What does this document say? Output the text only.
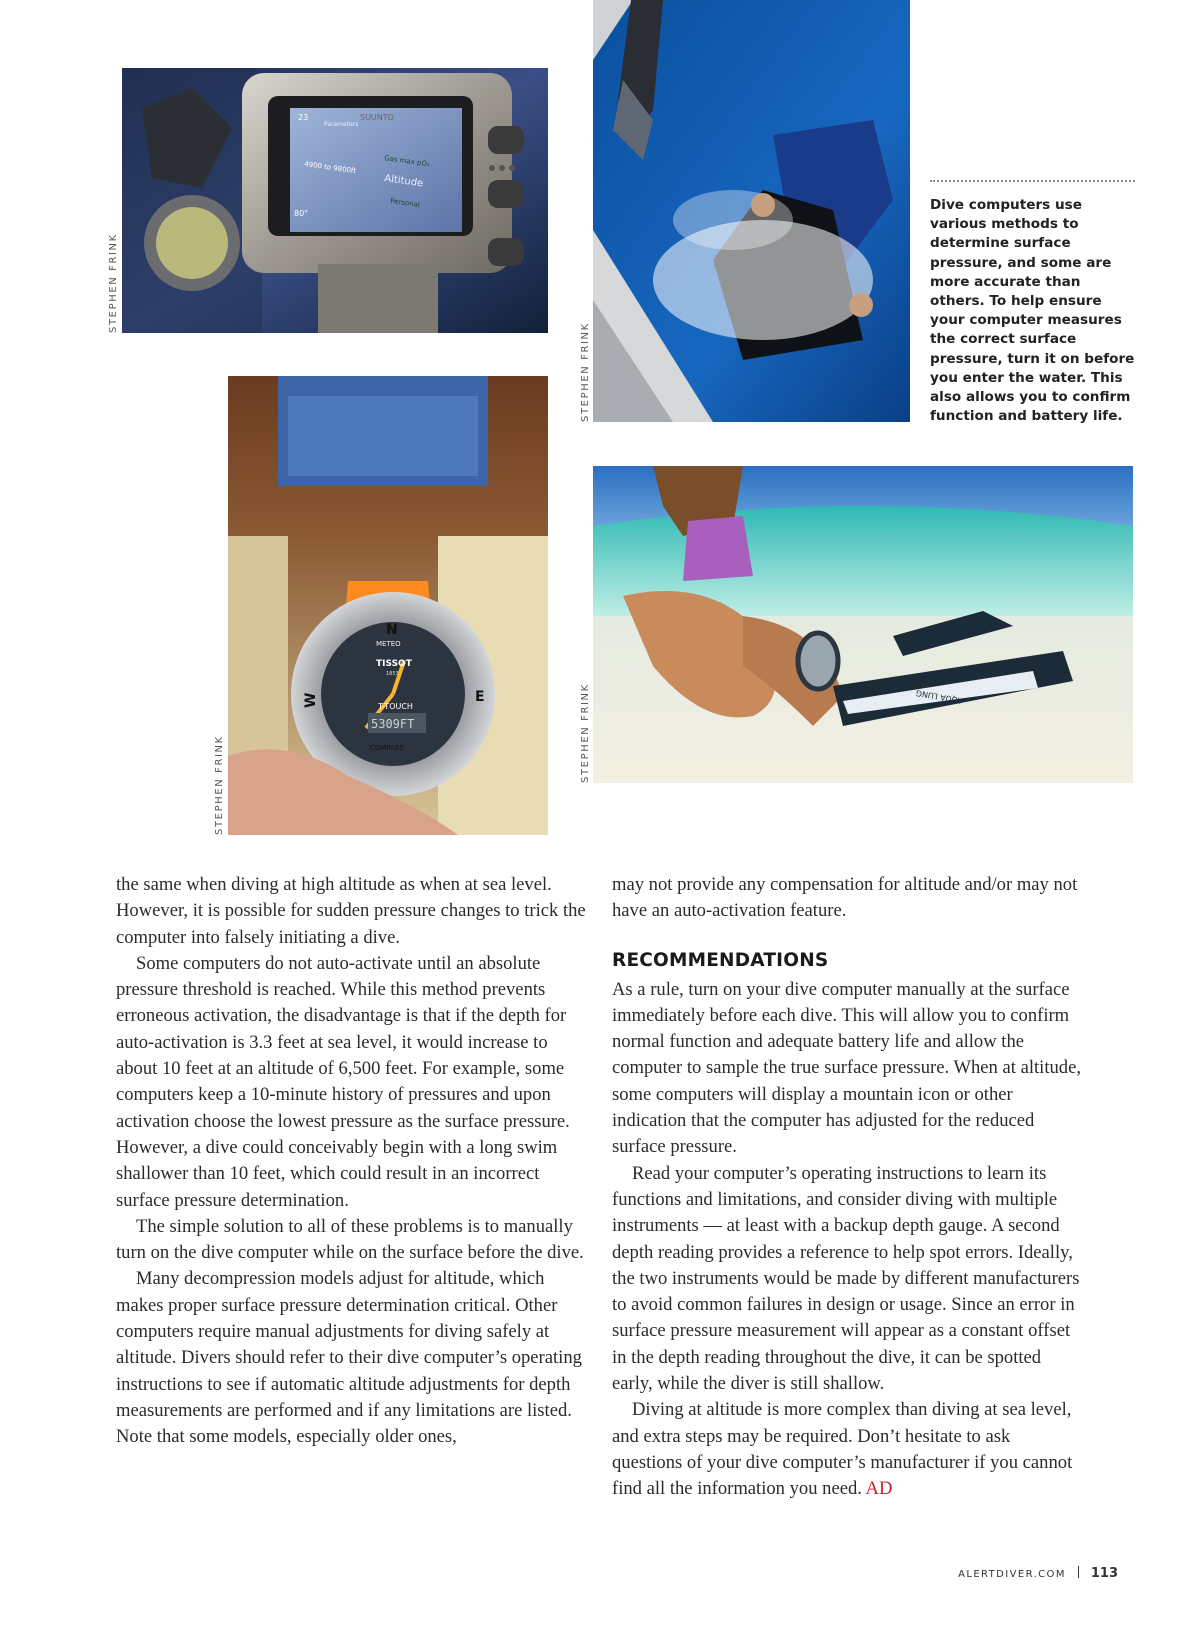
SUUNTO
23
Parameters
4900 to 9800ft	Gas max pO₂
Altitude
Personal
80°
STEPHEN FRINK
STEPHEN FRINK
Dive computers use various methods to determine surface pressure, and some are more accurate than others. To help ensure your computer measures the correct surface pressure, turn it on before you enter the water. This also allows you to confirm function and battery life.
N
W	E
METEO
TISSOT
1853
T-TOUCH
5309FT
COMPASS
STEPHEN FRINK
AQUA LUNG
STEPHEN FRINK

the same when diving at high altitude as when at sea level. However, it is possible for sudden pressure changes to trick the computer into falsely initiating a dive.

Some computers do not auto-activate until an absolute pressure threshold is reached. While this method prevents erroneous activation, the disadvantage is that if the depth for auto-activation is 3.3 feet at sea level, it would increase to about 10 feet at an altitude of 6,500 feet. For example, some computers keep a 10-minute history of pressures and upon activation choose the lowest pressure as the surface pressure. However, a dive could conceivably begin with a long swim shallower than 10 feet, which could result in an incorrect surface pressure determination.

The simple solution to all of these problems is to manually turn on the dive computer while on the surface before the dive.

Many decompression models adjust for altitude, which makes proper surface pressure determination critical. Other computers require manual adjustments for diving safely at altitude. Divers should refer to their dive computer’s operating instructions to see if automatic altitude adjustments for depth measurements are performed and if any limitations are listed. Note that some models, especially older ones,

may not provide any compensation for altitude and/or may not have an auto-activation feature.

RECOMMENDATIONS

As a rule, turn on your dive computer manually at the surface immediately before each dive. This will allow you to confirm normal function and adequate battery life and allow the computer to sample the true surface pressure. When at altitude, some computers will display a mountain icon or other indication that the computer has adjusted for the reduced surface pressure.

Read your computer’s operating instructions to learn its functions and limitations, and consider diving with multiple instruments — at least with a backup depth gauge. A second depth reading provides a reference to help spot errors. Ideally, the two instruments would be made by different manufacturers to avoid common failures in design or usage. Since an error in surface pressure measurement will appear as a constant offset in the depth reading throughout the dive, it can be spotted early, while the diver is still shallow.

Diving at altitude is more complex than diving at sea level, and extra steps may be required. Don’t hesitate to ask questions of your dive computer’s manufacturer if you cannot find all the information you need. AD

ALERTDIVER.COM 113
